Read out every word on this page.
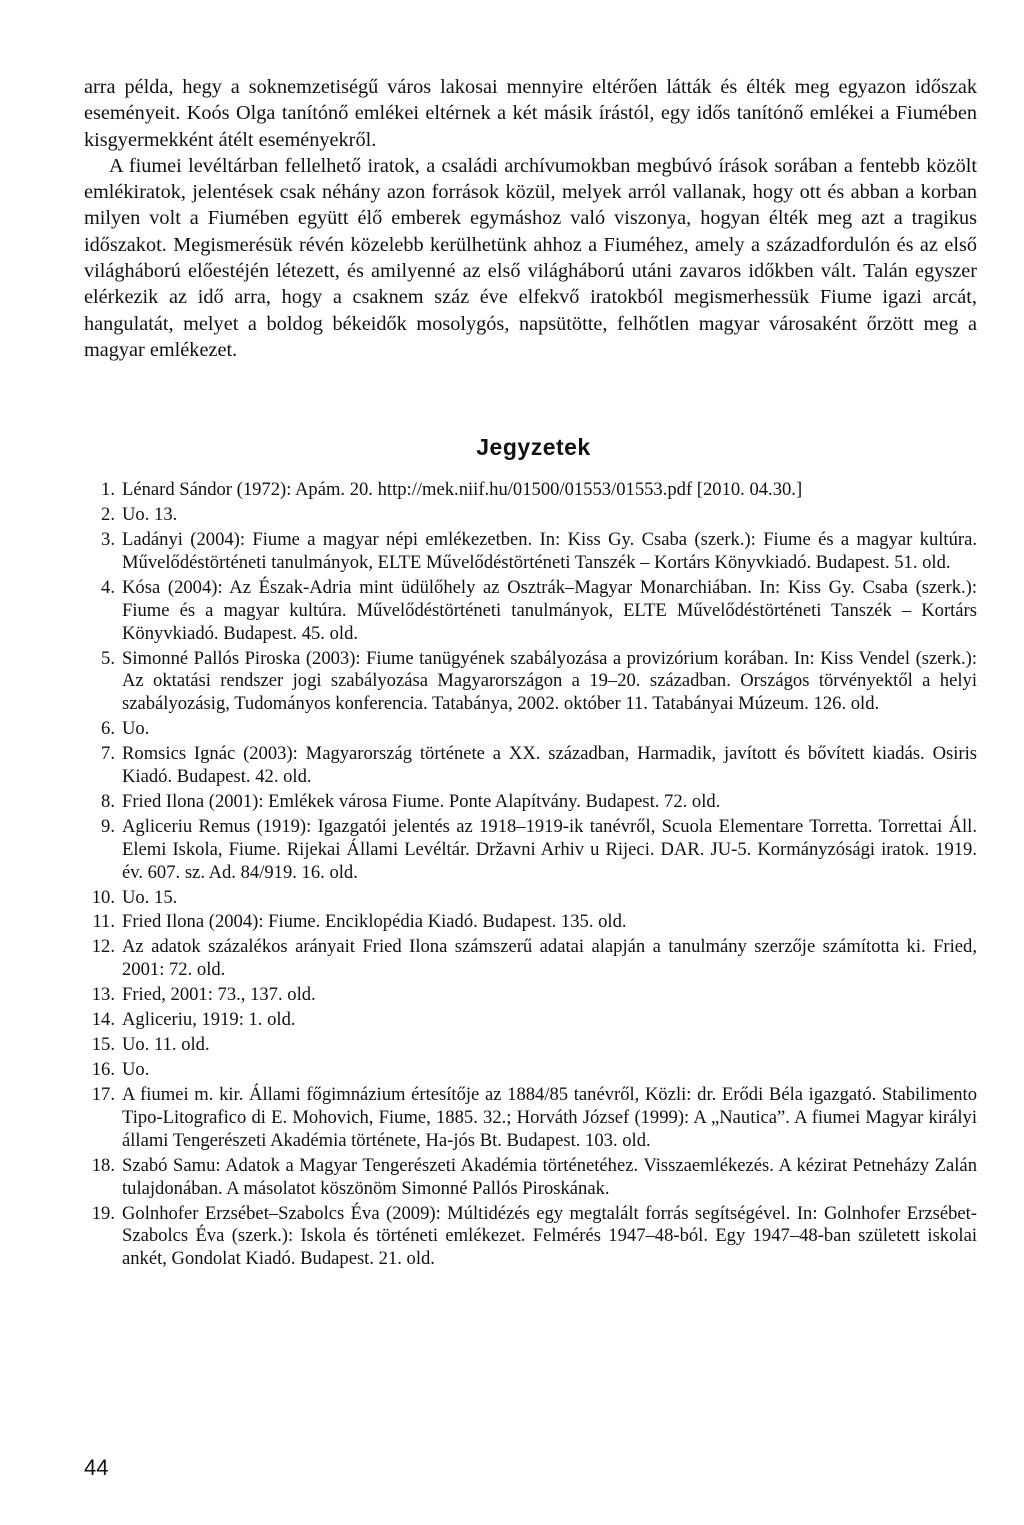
arra példa, hegy a soknemzetiségű város lakosai mennyire eltérően látták és élték meg egyazon időszak eseményeit. Koós Olga tanítónő emlékei eltérnek a két másik írástól, egy idős tanítónő emlékei a Fiumében kisgyermekként átélt eseményekről.

A fiumei levéltárban fellelhető iratok, a családi archívumokban megbúvó írások sorában a fentebb közölt emlékiratok, jelentések csak néhány azon források közül, melyek arról vallanak, hogy ott és abban a korban milyen volt a Fiumében együtt élő emberek egymáshoz való viszonya, hogyan élték meg azt a tragikus időszakot. Megismerésük révén közelebb kerülhetünk ahhoz a Fiuméhez, amely a századfordulón és az első világháború előestéjén létezett, és amilyenné az első világháború utáni zavaros időkben vált. Talán egyszer elérkezik az idő arra, hogy a csaknem száz éve elfekvő iratokból megismerhessük Fiume igazi arcát, hangulatát, melyet a boldog békeidők mosolygós, napsütötte, felhőtlen magyar városaként őrzött meg a magyar emlékezet.

Jegyzetek
1. Lénard Sándor (1972): Apám. 20. http://mek.niif.hu/01500/01553/01553.pdf [2010. 04.30.]
2. Uo. 13.
3. Ladányi (2004): Fiume a magyar népi emlékezetben. In: Kiss Gy. Csaba (szerk.): Fiume és a magyar kultúra. Művelődéstörténeti tanulmányok, ELTE Művelődéstörténeti Tanszék – Kortárs Könyvkiadó. Budapest. 51. old.
4. Kósa (2004): Az Észak-Adria mint üdülőhely az Osztrák–Magyar Monarchiában. In: Kiss Gy. Csaba (szerk.): Fiume és a magyar kultúra. Művelődéstörténeti tanulmányok, ELTE Művelődéstörténeti Tanszék – Kortárs Könyvkiadó. Budapest. 45. old.
5. Simonné Pallós Piroska (2003): Fiume tanügyének szabályozása a provizórium korában. In: Kiss Vendel (szerk.): Az oktatási rendszer jogi szabályozása Magyarországon a 19–20. században. Országos törvényektől a helyi szabályozásig, Tudományos konferencia. Tatabánya, 2002. október 11. Tatabányai Múzeum. 126. old.
6. Uo.
7. Romsics Ignác (2003): Magyarország története a XX. században, Harmadik, javított és bővített kiadás. Osiris Kiadó. Budapest. 42. old.
8. Fried Ilona (2001): Emlékek városa Fiume. Ponte Alapítvány. Budapest. 72. old.
9. Agliceriu Remus (1919): Igazgatói jelentés az 1918–1919-ik tanévről, Scuola Elementare Torretta. Torrettai Áll. Elemi Iskola, Fiume. Rijekai Állami Levéltár. Državni Arhiv u Rijeci. DAR. JU-5. Kormányzósági iratok. 1919. év. 607. sz. Ad. 84/919. 16. old.
10. Uo. 15.
11. Fried Ilona (2004): Fiume. Enciklopédia Kiadó. Budapest. 135. old.
12. Az adatok százalékos arányait Fried Ilona számszerű adatai alapján a tanulmány szerzője számította ki. Fried, 2001: 72. old.
13. Fried, 2001: 73., 137. old.
14. Agliceriu, 1919: 1. old.
15. Uo. 11. old.
16. Uo.
17. A fiumei m. kir. Állami főgimnázium értesítője az 1884/85 tanévről, Közli: dr. Erődi Béla igazgató. Stabilimento Tipo-Litografico di E. Mohovich, Fiume, 1885. 32.; Horváth József (1999): A „Nautica”. A fiumei Magyar királyi állami Tengerészeti Akadémia története, Ha-jós Bt. Budapest. 103. old.
18. Szabó Samu: Adatok a Magyar Tengerészeti Akadémia történetéhez. Visszaemlékezés. A kézirat Petneházy Zalán tulajdonában. A másolatot köszönöm Simonné Pallós Piroskának.
19. Golnhofer Erzsébet–Szabolcs Éva (2009): Múltidézés egy megtalált forrás segítségével. In: Golnhofer Erzsébet-Szabolcs Éva (szerk.): Iskola és történeti emlékezet. Felmérés 1947–48-ból. Egy 1947–48-ban született iskolai ankét, Gondolat Kiadó. Budapest. 21. old.
44
